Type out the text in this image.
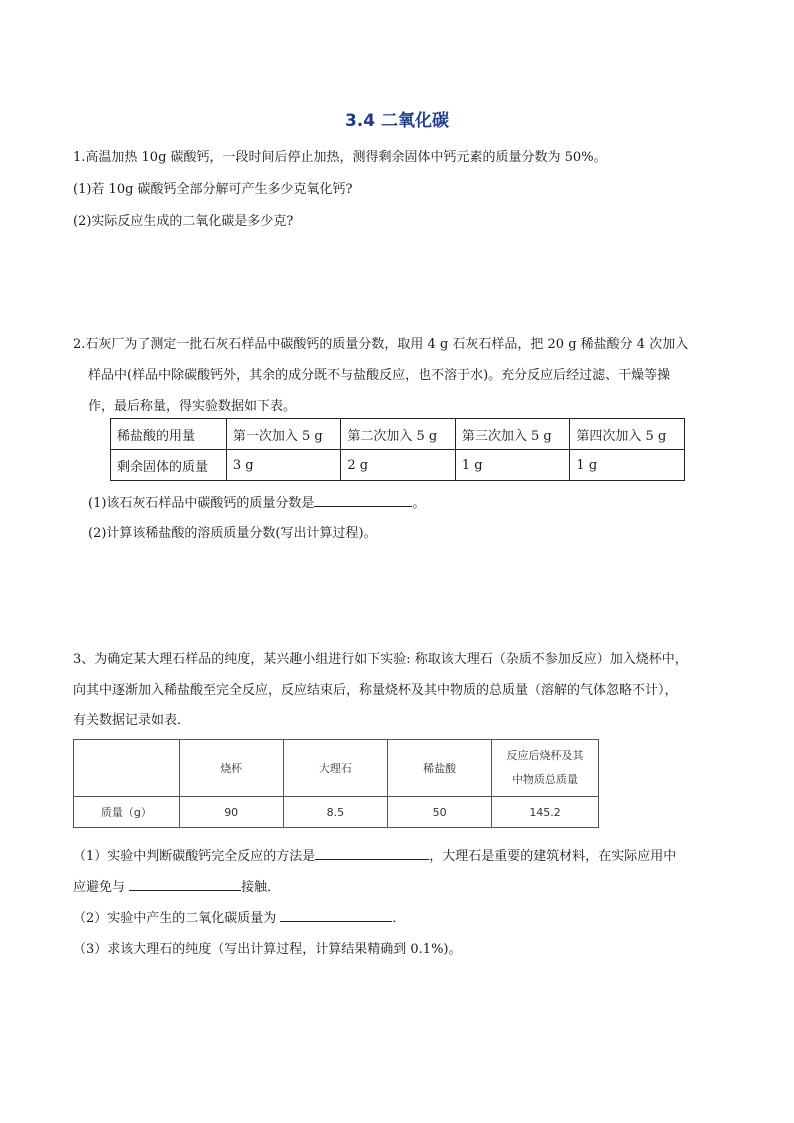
3.4 二氧化碳
1.高温加热 10g 碳酸钙，一段时间后停止加热，测得剩余固体中钙元素的质量分数为 50%。
(1)若 10g 碳酸钙全部分解可产生多少克氧化钙?
(2)实际反应生成的二氧化碳是多少克?
2.石灰厂为了测定一批石灰石样品中碳酸钙的质量分数，取用 4 g 石灰石样品，把 20 g 稀盐酸分 4 次加入
样品中(样品中除碳酸钙外，其余的成分既不与盐酸反应，也不溶于水)。充分反应后经过滤、干燥等操
作，最后称量，得实验数据如下表。
稀盐酸的用量	第一次加入 5 g	第二次加入 5 g	第三次加入 5 g	第四次加入 5 g
剩余固体的质量	3 g	2 g	1 g	1 g
(1)该石灰石样品中碳酸钙的质量分数是	。
(2)计算该稀盐酸的溶质质量分数(写出计算过程)。
3、为确定某大理石样品的纯度，某兴趣小组进行如下实验: 称取该大理石（杂质不参加反应）加入烧杯中，
向其中逐渐加入稀盐酸至完全反应，反应结束后，称量烧杯及其中物质的总质量（溶解的气体忽略不计），
有关数据记录如表．
	烧杯	大理石	稀盐酸	反应后烧杯及其
中物质总质量

质量（g）	90	8.5	50	145.2
（1）实验中判断碳酸钙完全反应的方法是	，大理石是重要的建筑材料，在实际应用中
应避免与	接触．
（2）实验中产生的二氧化碳质量为	．
（3）求该大理石的纯度（写出计算过程，计算结果精确到 0.1%)。
